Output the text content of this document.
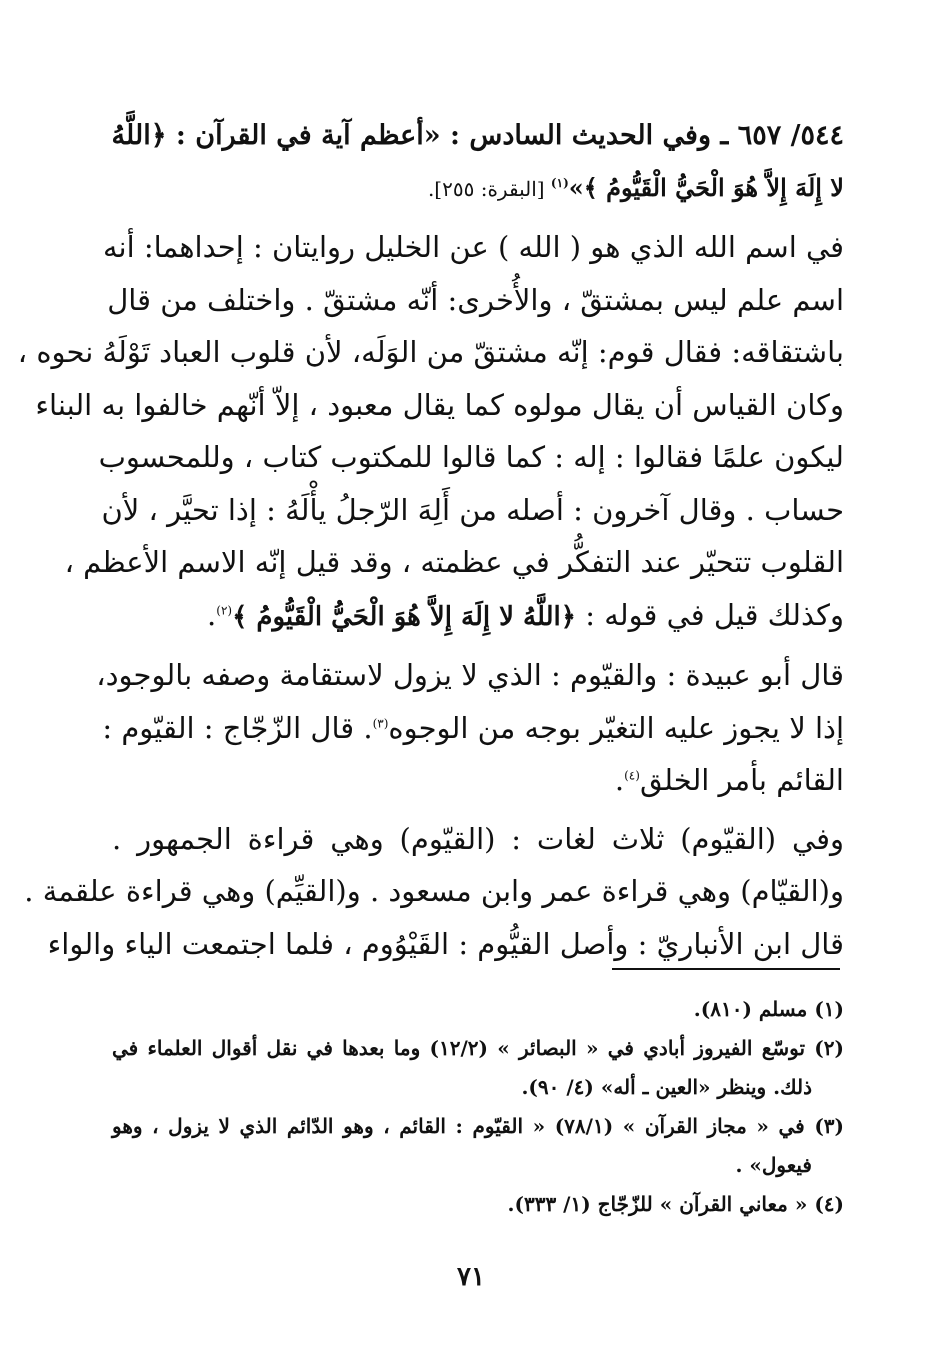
٥٤٤/ ٦٥٧ ـ وفي الحديث السادس : «أعظم آية في القرآن : ﴿اللَّهُ
لا إِلَهَ إِلاَّ هُوَ الْحَيُّ الْقَيُّومُ ﴾»$^{(١)}$ [البقرة: ٢٥٥].
في اسم الله الذي هو ( الله ) عن الخليل روايتان : إحداهما: أنه
اسم علم ليس بمشتقّ ، والأُخرى: أنّه مشتقّ . واختلف من قال
باشتقاقه: فقال قوم: إنّه مشتقّ من الوَلَه، لأن قلوب العباد تَوْلَهُ نحوه ،
وكان القياس أن يقال مولوه كما يقال معبود ، إلاّ أنّهم خالفوا به البناء
ليكون علمًا فقالوا : إله : كما قالوا للمكتوب كتاب ، وللمحسوب
حساب . وقال آخرون : أصله من أَلِهَ الرّجلُ يأْلَهُ : إذا تحيَّر ، لأن
القلوب تتحيّر عند التفكُّر في عظمته ، وقد قيل إنّه الاسم الأعظم ،
وكذلك قيل في قوله : ﴿اللَّهُ لا إِلَهَ إِلاَّ هُوَ الْحَيُّ الْقَيُّومُ ﴾$^{(٢)}$.
قال أبو عبيدة : والقيّوم : الذي لا يزول لاستقامة وصفه بالوجود،
إذا لا يجوز عليه التغيّر بوجه من الوجوه$^{(٣)}$. قال الزّجّاج : القيّوم :
القائم بأمر الخلق$^{(٤)}$.
وفي (القيّوم) ثلاث لغات : (القيّوم) وهي قراءة الجمهور .
و(القيّام) وهي قراءة عمر وابن مسعود . و(القيِّم) وهي قراءة علقمة .
قال ابن الأنباريّ : وأصل القيُّوم : القَيْوُوم ، فلما اجتمعت الياء والواء
(١) مسلم (٨١٠).
(٢) توسّع الفيروز أبادي في « البصائر » (١٢/٢) وما بعدها في نقل أقوال العلماء في
ذلك. وينظر «العين ـ أله» (٤/ ٩٠).
(٣) في « مجاز القرآن » (٧٨/١) « القيّوم : القائم ، وهو الدّائم الذي لا يزول ، وهو
فيعول» .
(٤) « معاني القرآن » للزّجّاج (١/ ٣٣٣).
٧١
